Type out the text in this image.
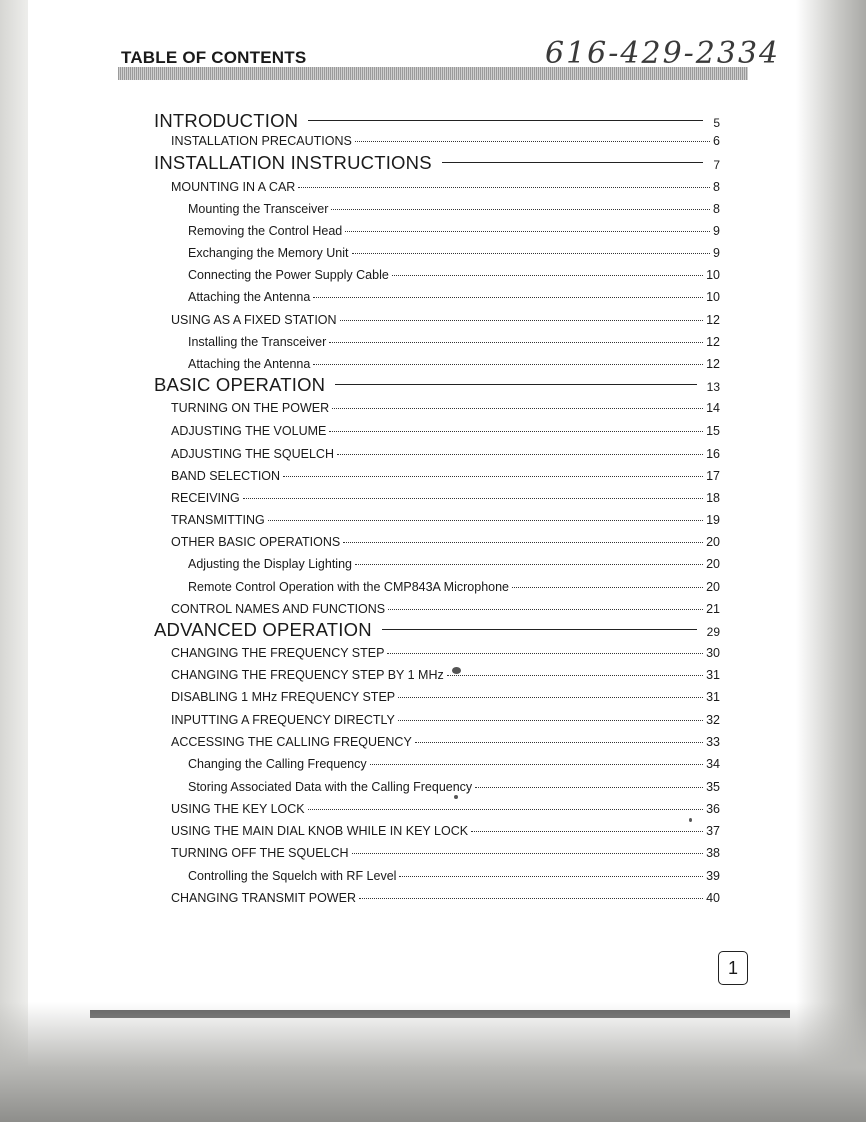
TABLE OF CONTENTS	616-429-2334
INTRODUCTION	5
INSTALLATION PRECAUTIONS	6
INSTALLATION INSTRUCTIONS	7
MOUNTING IN A CAR	8
Mounting the Transceiver	8
Removing the Control Head	9
Exchanging the Memory Unit	9
Connecting the Power Supply Cable	10
Attaching the Antenna	10
USING AS A FIXED STATION	12
Installing the Transceiver	12
Attaching the Antenna	12
BASIC OPERATION	13
TURNING ON THE POWER	14
ADJUSTING THE VOLUME	15
ADJUSTING THE SQUELCH	16
BAND SELECTION	17
RECEIVING	18
TRANSMITTING	19
OTHER BASIC OPERATIONS	20
Adjusting the Display Lighting	20
Remote Control Operation with the CMP843A Microphone	20
CONTROL NAMES AND FUNCTIONS	21
ADVANCED OPERATION	29
CHANGING THE FREQUENCY STEP	30
CHANGING THE FREQUENCY STEP BY 1 MHz	31
DISABLING 1 MHz FREQUENCY STEP	31
INPUTTING A FREQUENCY DIRECTLY	32
ACCESSING THE CALLING FREQUENCY	33
Changing the Calling Frequency	34
Storing Associated Data with the Calling Frequency	35
USING THE KEY LOCK	36
USING THE MAIN DIAL KNOB WHILE IN KEY LOCK	37
TURNING OFF THE SQUELCH	38
Controlling the Squelch with RF Level	39
CHANGING TRANSMIT POWER	40
1
